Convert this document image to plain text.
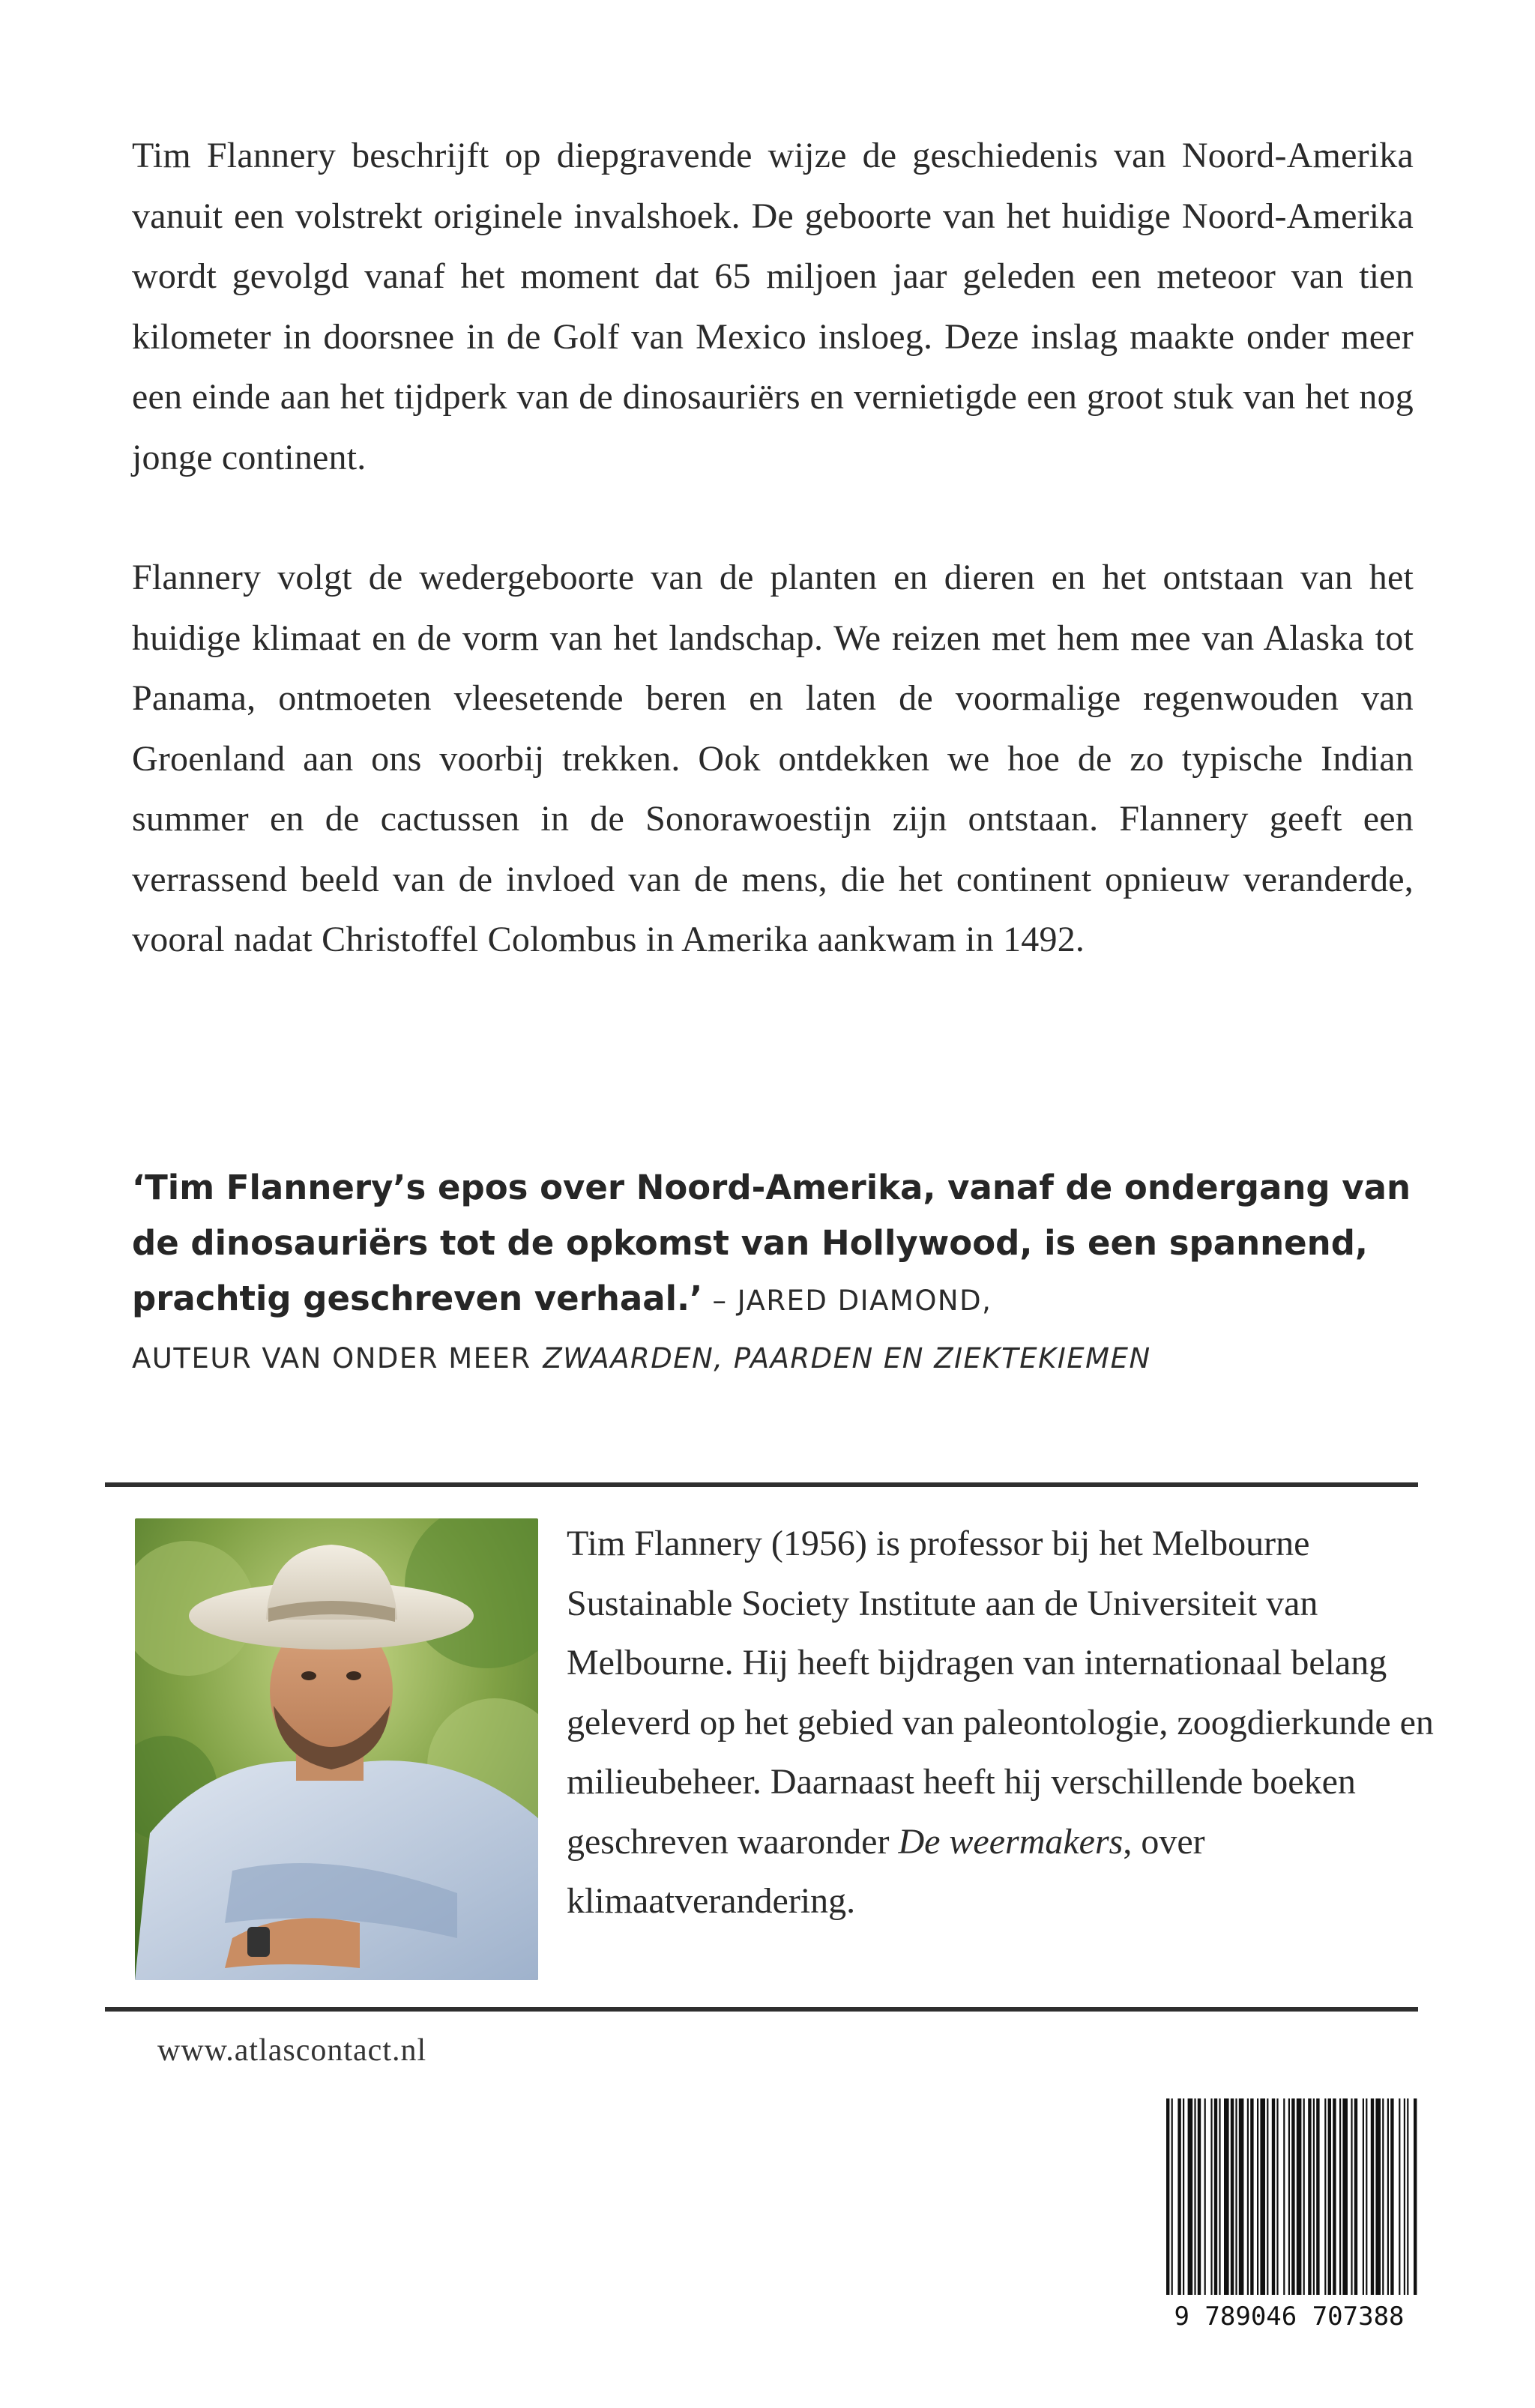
Tim Flannery beschrijft op diepgravende wijze de geschiedenis van Noord-Amerika vanuit een volstrekt originele invalshoek. De geboorte van het huidige Noord-Amerika wordt gevolgd vanaf het moment dat 65 miljoen jaar geleden een meteoor van tien kilometer in doorsnee in de Golf van Mexico insloeg. Deze inslag maakte onder meer een einde aan het tijdperk van de dinosauriërs en vernietigde een groot stuk van het nog jonge continent.

Flannery volgt de wedergeboorte van de planten en dieren en het ontstaan van het huidige klimaat en de vorm van het landschap. We reizen met hem mee van Alaska tot Panama, ontmoeten vleesetende beren en laten de voormalige regenwouden van Groenland aan ons voorbij trekken. Ook ontdekken we hoe de zo typische Indian summer en de cactussen in de Sonorawoestijn zijn ontstaan. Flannery geeft een verrassend beeld van de invloed van de mens, die het continent opnieuw veranderde, vooral nadat Christoffel Colombus in Amerika aankwam in 1492.

‘Tim Flannery’s epos over Noord-Amerika, vanaf de ondergang van de dinosauriërs tot de opkomst van Hollywood, is een spannend, prachtig geschreven verhaal.’ – JARED DIAMOND,
AUTEUR VAN ONDER MEER ZWAARDEN, PAARDEN EN ZIEKTEKIEMEN

Tim Flannery (1956) is professor bij het Melbourne Sustainable Society Institute aan de Universiteit van Melbourne. Hij heeft bijdragen van internationaal belang geleverd op het gebied van paleontologie, zoogdierkunde en milieubeheer. Daarnaast heeft hij verschillende boeken geschreven waaronder De weermakers, over klimaatverandering.

www.atlascontact.nl
9 789046 707388
